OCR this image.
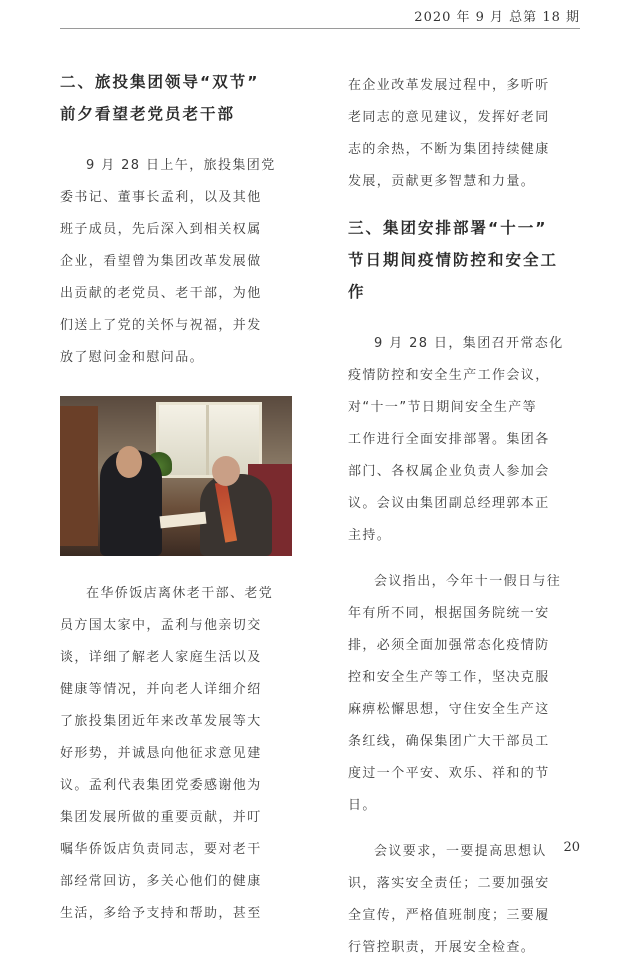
2020 年 9 月 总第 18 期
二、旅投集团领导“双节”
前夕看望老党员老干部

9 月 28 日上午，旅投集团党
委书记、董事长孟利，以及其他
班子成员，先后深入到相关权属
企业，看望曾为集团改革发展做
出贡献的老党员、老干部，为他
们送上了党的关怀与祝福，并发
放了慰问金和慰问品。

在华侨饭店离休老干部、老党
员方国太家中，孟利与他亲切交
谈，详细了解老人家庭生活以及
健康等情况，并向老人详细介绍
了旅投集团近年来改革发展等大
好形势，并诚恳向他征求意见建
议。孟利代表集团党委感谢他为
集团发展所做的重要贡献，并叮
嘱华侨饭店负责同志，要对老干
部经常回访，多关心他们的健康
生活，多给予支持和帮助，甚至

在企业改革发展过程中，多听听
老同志的意见建议，发挥好老同
志的余热，不断为集团持续健康
发展，贡献更多智慧和力量。

三、集团安排部署“十一”
节日期间疫情防控和安全工
作

9 月 28 日，集团召开常态化
疫情防控和安全生产工作会议，
对“十一”节日期间安全生产等
工作进行全面安排部署。集团各
部门、各权属企业负责人参加会
议。会议由集团副总经理郭本正
主持。

会议指出，今年十一假日与往
年有所不同，根据国务院统一安
排，必须全面加强常态化疫情防
控和安全生产等工作，坚决克服
麻痹松懈思想，守住安全生产这
条红线，确保集团广大干部员工
度过一个平安、欢乐、祥和的节
日。

会议要求，一要提高思想认
识，落实安全责任；二要加强安
全宣传，严格值班制度；三要履
行管控职责，开展安全检查。

20
